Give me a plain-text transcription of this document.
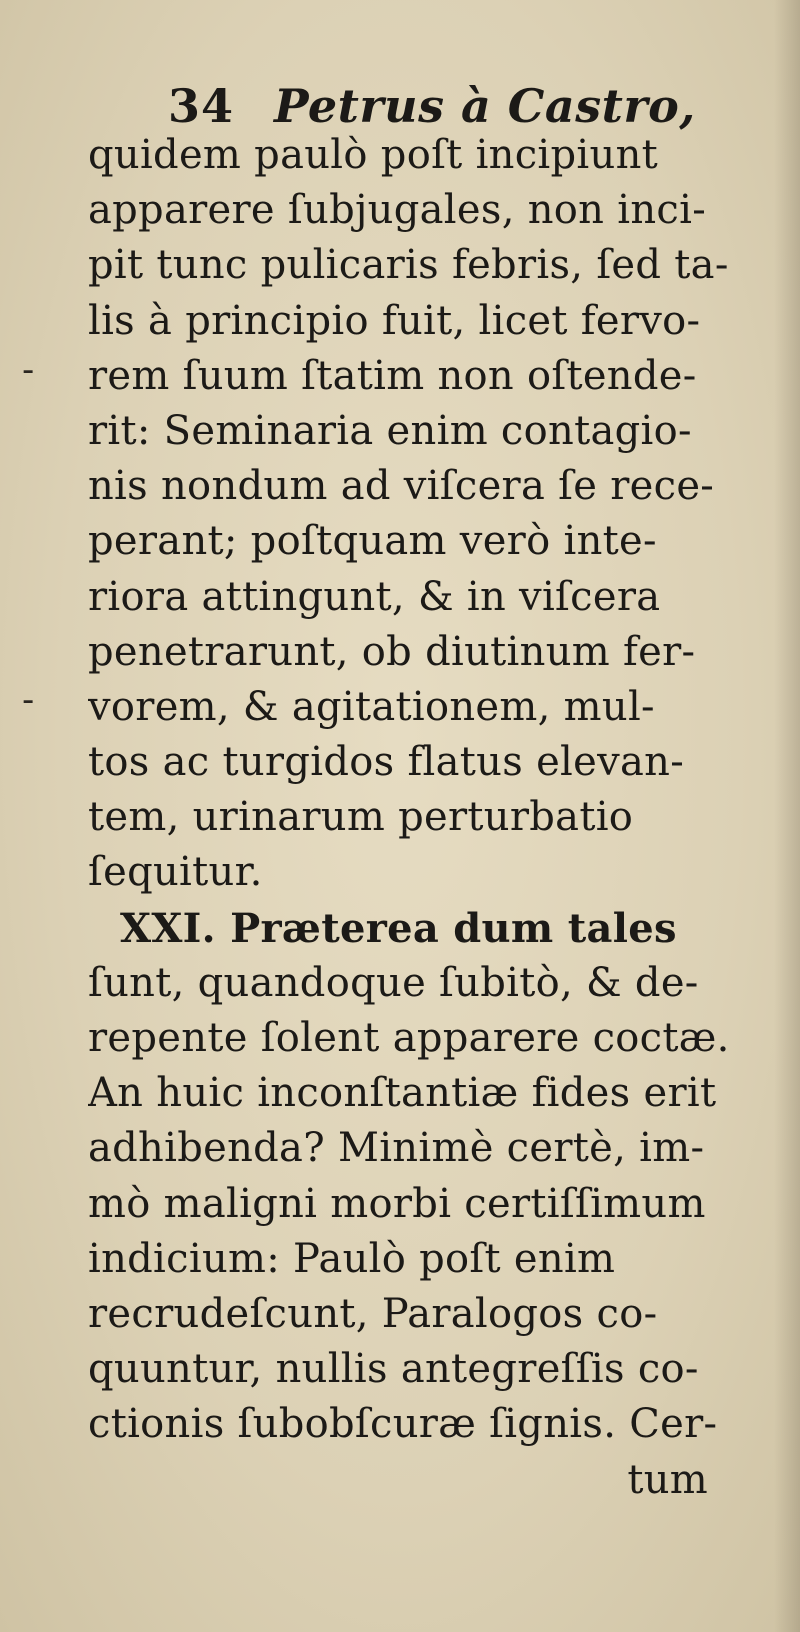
34 Petrus à Castro,
-
-
quidem paulò poſt incipiunt
apparere ſubjugales, non inci-
pit tunc pulicaris febris, ſed ta-
lis à principio fuit, licet fervo-
rem ſuum ſtatim non oſtende-
rit: Seminaria enim contagio-
nis nondum ad viſcera ſe rece-
perant; poſtquam verò inte-
riora attingunt, & in viſcera
penetrarunt, ob diutinum fer-
vorem, & agitationem, mul-
tos ac turgidos flatus elevan-
tem, urinarum perturbatio
ſequitur.
XXI. Præterea dum tales
ſunt, quandoque ſubitò, & de-
repente ſolent apparere coctæ.
An huic inconſtantiæ fides erit
adhibenda? Minimè certè, im-
mò maligni morbi certiſſimum
indicium: Paulò poſt enim
recrudeſcunt, Paralogos co-
quuntur, nullis antegreſſis co-
ctionis ſubobſcuræ ſignis. Cer-
tum
